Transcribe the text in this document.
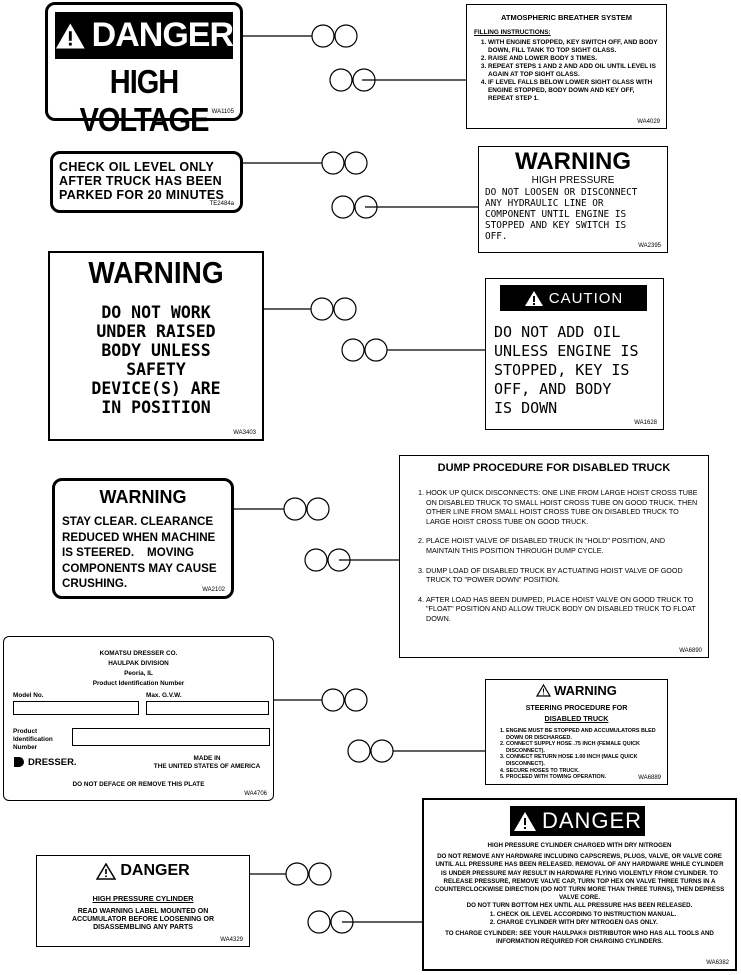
DANGER
HIGH VOLTAGE WA1105
ATMOSPHERIC BREATHER SYSTEM
FILLING INSTRUCTIONS:
1. WITH ENGINE STOPPED, KEY SWITCH OFF, AND BODY DOWN, FILL TANK TO TOP SIGHT GLASS.
2. RAISE AND LOWER BODY 3 TIMES.
3. REPEAT STEPS 1 AND 2 AND ADD OIL UNTIL LEVEL IS AGAIN AT TOP SIGHT GLASS.
4. IF LEVEL FALLS BELOW LOWER SIGHT GLASS WITH ENGINE STOPPED, BODY DOWN AND KEY OFF, REPEAT STEP 1.
WA4029
CHECK OIL LEVEL ONLY
AFTER TRUCK HAS BEEN
PARKED FOR 20 MINUTES
TE2484a
WARNING
HIGH PRESSURE
DO NOT LOOSEN OR DISCONNECT
ANY HYDRAULIC LINE OR
COMPONENT UNTIL ENGINE IS
STOPPED AND KEY SWITCH IS
OFF.
WA2395
WARNING
DO NOT WORK
UNDER RAISED
BODY UNLESS
SAFETY
DEVICE(S) ARE
IN POSITION
WA3403
CAUTION
DO NOT ADD OIL
UNLESS ENGINE IS
STOPPED, KEY IS
OFF, AND BODY
IS DOWN
WA1628
WARNING
STAY CLEAR. CLEARANCE
REDUCED WHEN MACHINE
IS STEERED.    MOVING
COMPONENTS MAY CAUSE
CRUSHING.	WA2102
DUMP PROCEDURE FOR DISABLED TRUCK
1. HOOK UP QUICK DISCONNECTS: ONE LINE FROM LARGE HOIST CROSS TUBE ON DISABLED TRUCK TO SMALL HOIST CROSS TUBE ON GOOD TRUCK. THEN OTHER LINE FROM SMALL HOIST CROSS TUBE ON DISABLED TRUCK TO LARGE HOIST CROSS TUBE ON GOOD TRUCK.
2. PLACE HOIST VALVE OF DISABLED TRUCK IN "HOLD" POSITION, AND MAINTAIN THIS POSITION THROUGH DUMP CYCLE.
3. DUMP LOAD OF DISABLED TRUCK BY ACTUATING HOIST VALVE OF GOOD TRUCK TO "POWER DOWN" POSITION.
4. AFTER LOAD HAS BEEN DUMPED, PLACE HOIST VALVE ON GOOD TRUCK TO "FLOAT" POSITION AND ALLOW TRUCK BODY ON DISABLED TRUCK TO FLOAT DOWN.
WA6890
KOMATSU DRESSER CO.
HAULPAK DIVISION
Peoria, IL
Product Identification Number
Model No.	Max. G.V.W.
Product Identification Number
DRESSER.	MADE IN
THE UNITED STATES OF AMERICA
DO NOT DEFACE OR REMOVE THIS PLATE
WA4706
WARNING
STEERING PROCEDURE FOR
DISABLED TRUCK
1. ENGINE MUST BE STOPPED AND ACCUMULATORS BLED DOWN OR DISCHARGED.
2. CONNECT SUPPLY HOSE .75 INCH (FEMALE QUICK DISCONNECT).
3. CONNECT RETURN HOSE 1.00 INCH (MALE QUICK DISCONNECT).
4. SECURE HOSES TO TRUCK.
5. PROCEED WITH TOWING OPERATION.	WA6889
DANGER
HIGH PRESSURE CYLINDER CHARGED WITH DRY NITROGEN
DO NOT REMOVE ANY HARDWARE INCLUDING CAPSCREWS, PLUGS, VALVE, OR VALVE CORE UNTIL ALL PRESSURE HAS BEEN RELEASED. REMOVAL OF ANY HARDWARE WHILE CYLINDER IS UNDER PRESSURE MAY RESULT IN HARDWARE FLYING VIOLENTLY FROM CYLINDER. TO RELEASE PRESSURE, REMOVE VALVE CAP, TURN TOP HEX ON VALVE THREE TURNS IN A COUNTERCLOCKWISE DIRECTION (DO NOT TURN MORE THAN THREE TURNS), THEN DEPRESS VALVE CORE.
DO NOT TURN BOTTOM HEX UNTIL ALL PRESSURE HAS BEEN RELEASED.
1. CHECK OIL LEVEL ACCORDING TO INSTRUCTION MANUAL.
2. CHARGE CYLINDER WITH DRY NITROGEN GAS ONLY.
TO CHARGE CYLINDER: SEE YOUR HAULPAK® DISTRIBUTOR WHO HAS ALL TOOLS AND INFORMATION REQUIRED FOR CHARGING CYLINDERS.
WA6382
DANGER
HIGH PRESSURE CYLINDER
READ WARNING LABEL MOUNTED ON
ACCUMULATOR BEFORE LOOSENING OR
DISASSEMBLING ANY PARTS
WA4329
